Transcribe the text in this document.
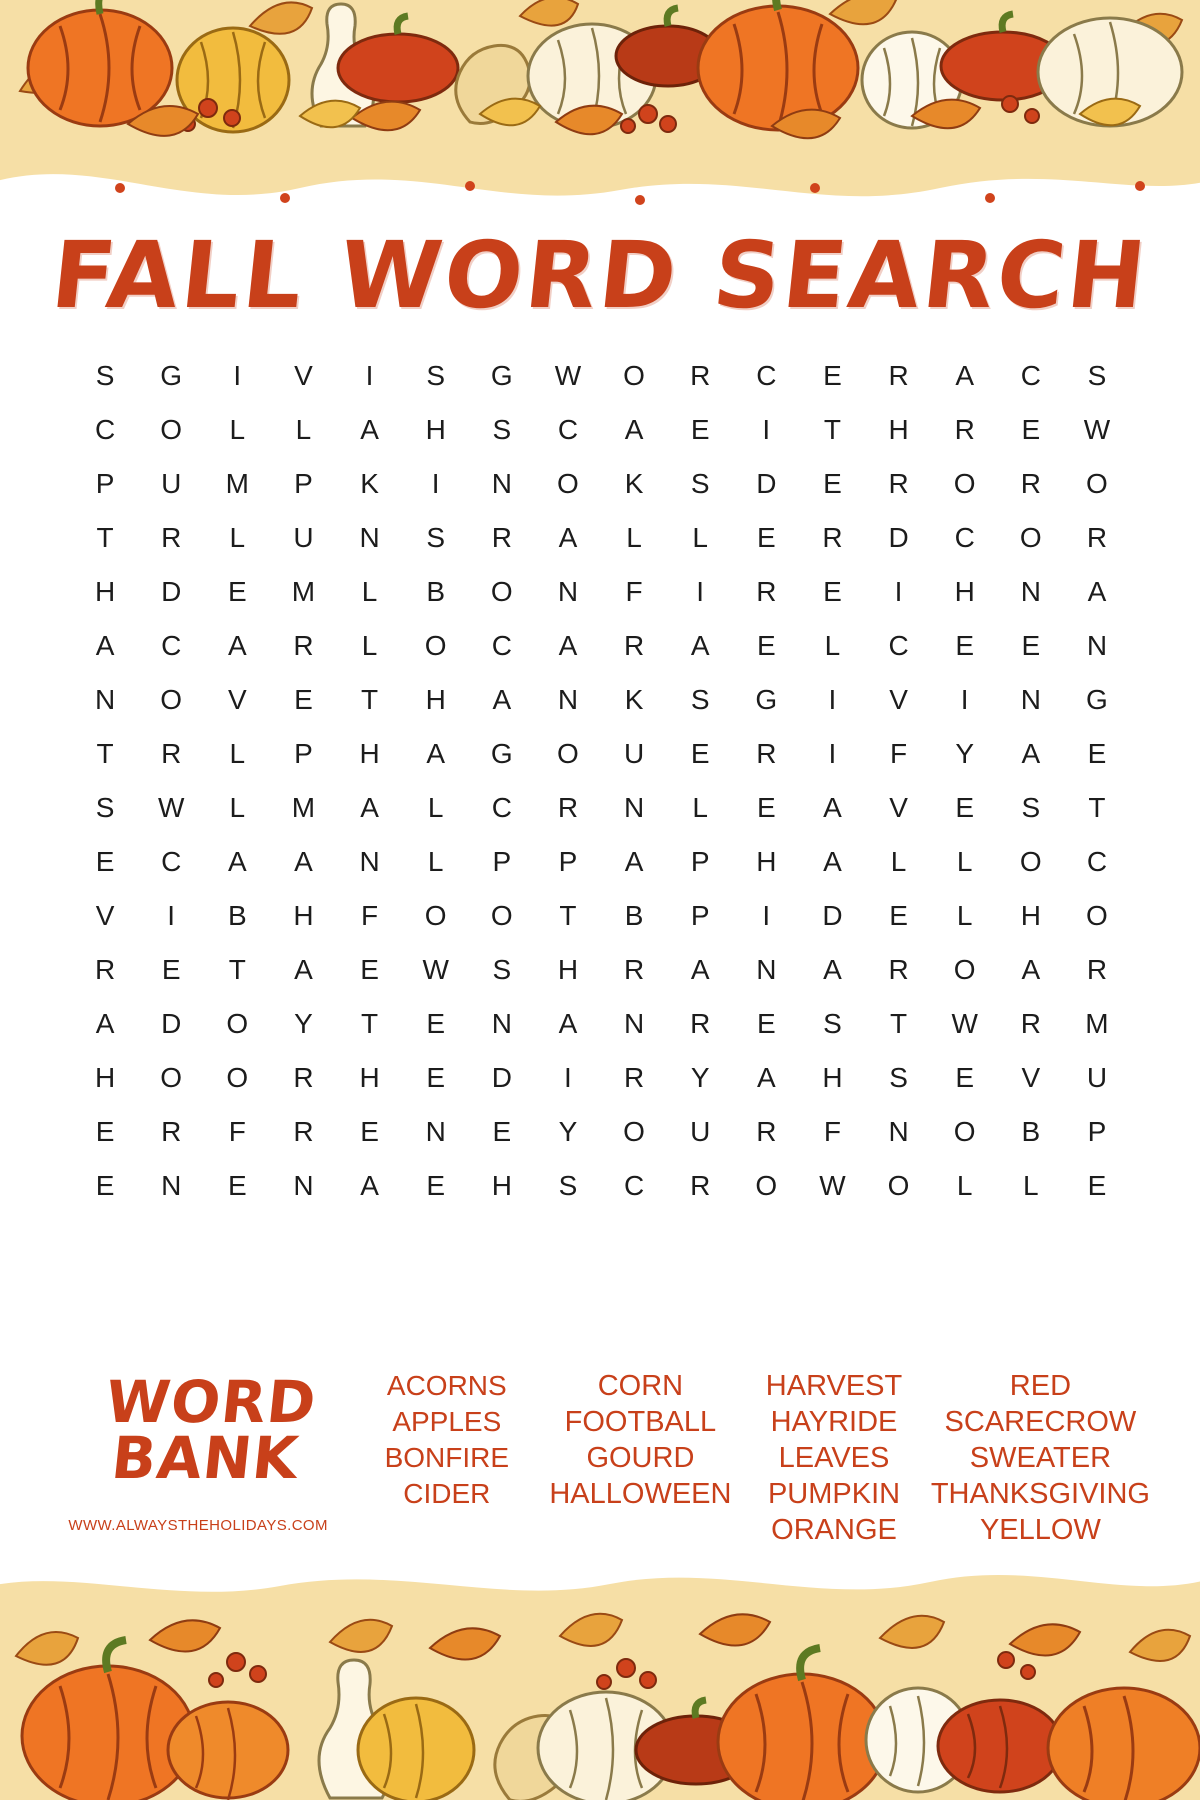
FALL WORD SEARCH
S	G	I	V	I	S	G	W	O	R	C	E	R	A	C	S
C	O	L	L	A	H	S	C	A	E	I	T	H	R	E	W
P	U	M	P	K	I	N	O	K	S	D	E	R	O	R	O
T	R	L	U	N	S	R	A	L	L	E	R	D	C	O	R
H	D	E	M	L	B	O	N	F	I	R	E	I	H	N	A
A	C	A	R	L	O	C	A	R	A	E	L	C	E	E	N
N	O	V	E	T	H	A	N	K	S	G	I	V	I	N	G
T	R	L	P	H	A	G	O	U	E	R	I	F	Y	A	E
S	W	L	M	A	L	C	R	N	L	E	A	V	E	S	T
E	C	A	A	N	L	P	P	A	P	H	A	L	L	O	C
V	I	B	H	F	O	O	T	B	P	I	D	E	L	H	O
R	E	T	A	E	W	S	H	R	A	N	A	R	O	A	R
A	D	O	Y	T	E	N	A	N	R	E	S	T	W	R	M
H	O	O	R	H	E	D	I	R	Y	A	H	S	E	V	U
E	R	F	R	E	N	E	Y	O	U	R	F	N	O	B	P
E	N	E	N	A	E	H	S	C	R	O	W	O	L	L	E
WORD
BANK
WWW.ALWAYSTHEHOLIDAYS.COM
ACORNS
APPLES
BONFIRE
CIDER
CORN
FOOTBALL
GOURD
HALLOWEEN
HARVEST
HAYRIDE
LEAVES
PUMPKIN
ORANGE
RED
SCARECROW
SWEATER
THANKSGIVING
YELLOW
